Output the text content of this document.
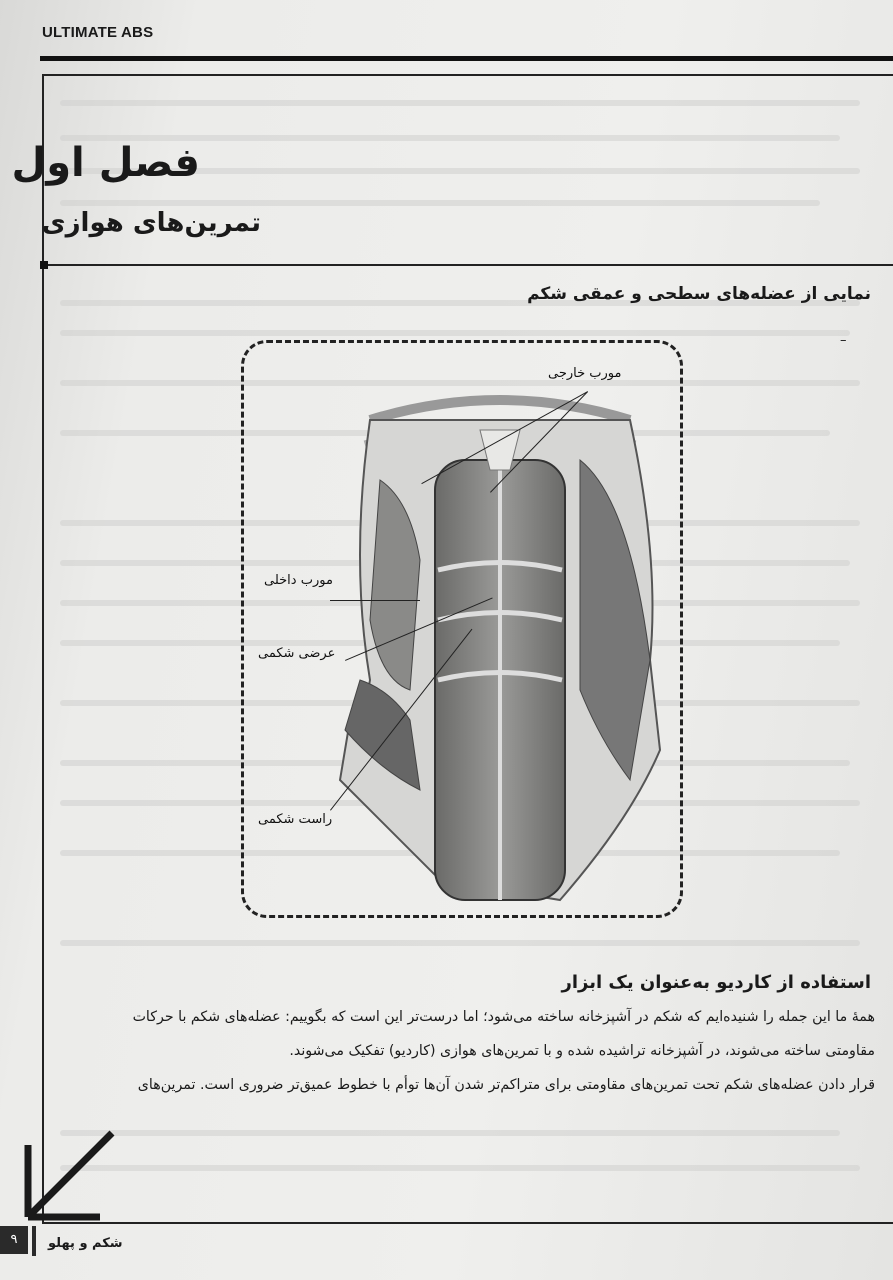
ULTIMATE ABS
فصل اول
تمرین‌های هوازی
نمایی از عضله‌های سطحی و عمقی شکم
–
مورب خارجی
مورب داخلی
عرضی شکمی
راست شکمی
استفاده از کاردیو به‌عنوان یک ابزار
همهٔ ما این جمله را شنیده‌ایم که شکم در آشپزخانه ساخته می‌شود؛ اما درست‌تر این است که بگوییم: عضله‌های شکم با حرکات
مقاومتی ساخته می‌شوند، در آشپزخانه تراشیده شده و با تمرین‌های هوازی (کاردیو) تفکیک می‌شوند.
قرار دادن عضله‌های شکم تحت تمرین‌های مقاومتی برای متراکم‌تر شدن آن‌ها توأم با خطوط عمیق‌تر ضروری است. تمرین‌های
۹	شکم و پهلو
